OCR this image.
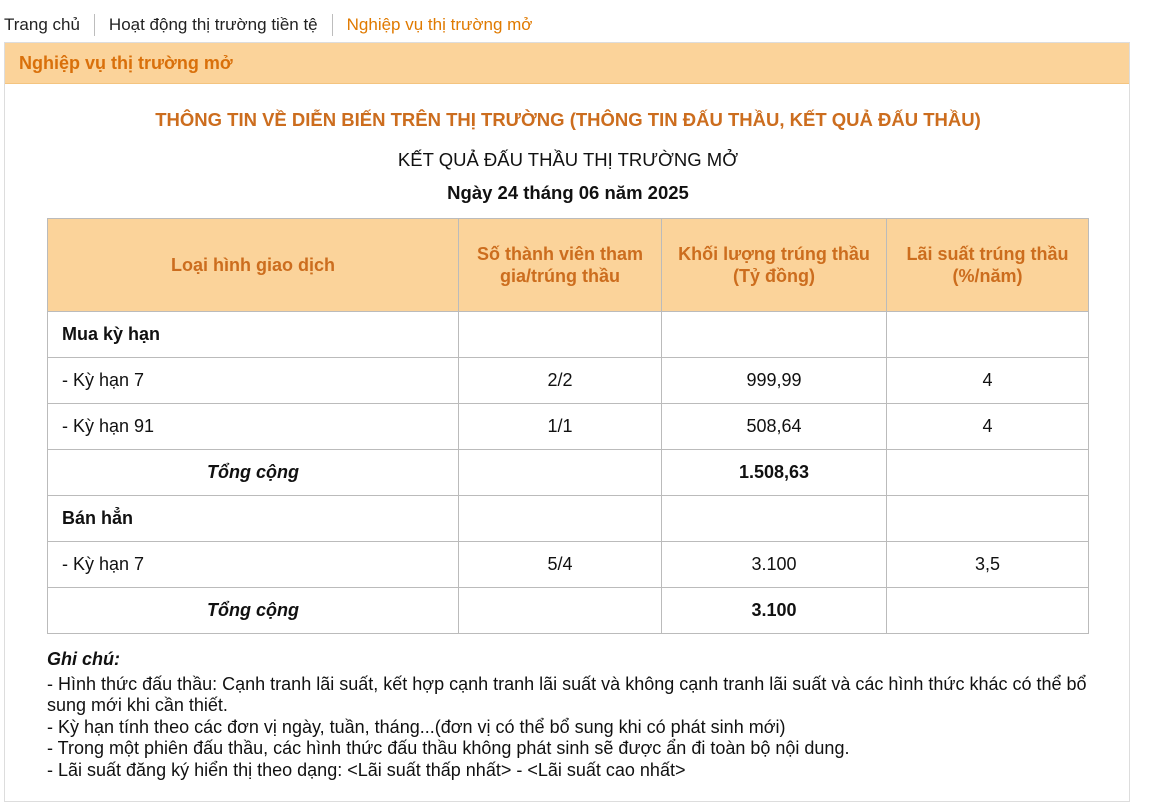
Trang chủ	Hoạt động thị trường tiền tệ	Nghiệp vụ thị trường mở
Nghiệp vụ thị trường mở
THÔNG TIN VỀ DIỄN BIẾN TRÊN THỊ TRƯỜNG (THÔNG TIN ĐẤU THẦU, KẾT QUẢ ĐẤU THẦU)
KẾT QUẢ ĐẤU THẦU THỊ TRƯỜNG MỞ
Ngày 24 tháng 06 năm 2025
Loại hình giao dịch	Số thành viên tham gia/trúng thầu	Khối lượng trúng thầu (Tỷ đồng)	Lãi suất trúng thầu (%/năm)
Mua kỳ hạn			
- Kỳ hạn 7	2/2	999,99	4
- Kỳ hạn 91	1/1	508,64	4
Tổng cộng		1.508,63	
Bán hẳn			
- Kỳ hạn 7	5/4	3.100	3,5
Tổng cộng		3.100	
Ghi chú:

- Hình thức đấu thầu: Cạnh tranh lãi suất, kết hợp cạnh tranh lãi suất và không cạnh tranh lãi suất và các hình thức khác có thể bổ sung mới khi cần thiết.

- Kỳ hạn tính theo các đơn vị ngày, tuần, tháng...(đơn vị có thể bổ sung khi có phát sinh mới)

- Trong một phiên đấu thầu, các hình thức đấu thầu không phát sinh sẽ được ẩn đi toàn bộ nội dung.

- Lãi suất đăng ký hiển thị theo dạng: <Lãi suất thấp nhất> - <Lãi suất cao nhất>
